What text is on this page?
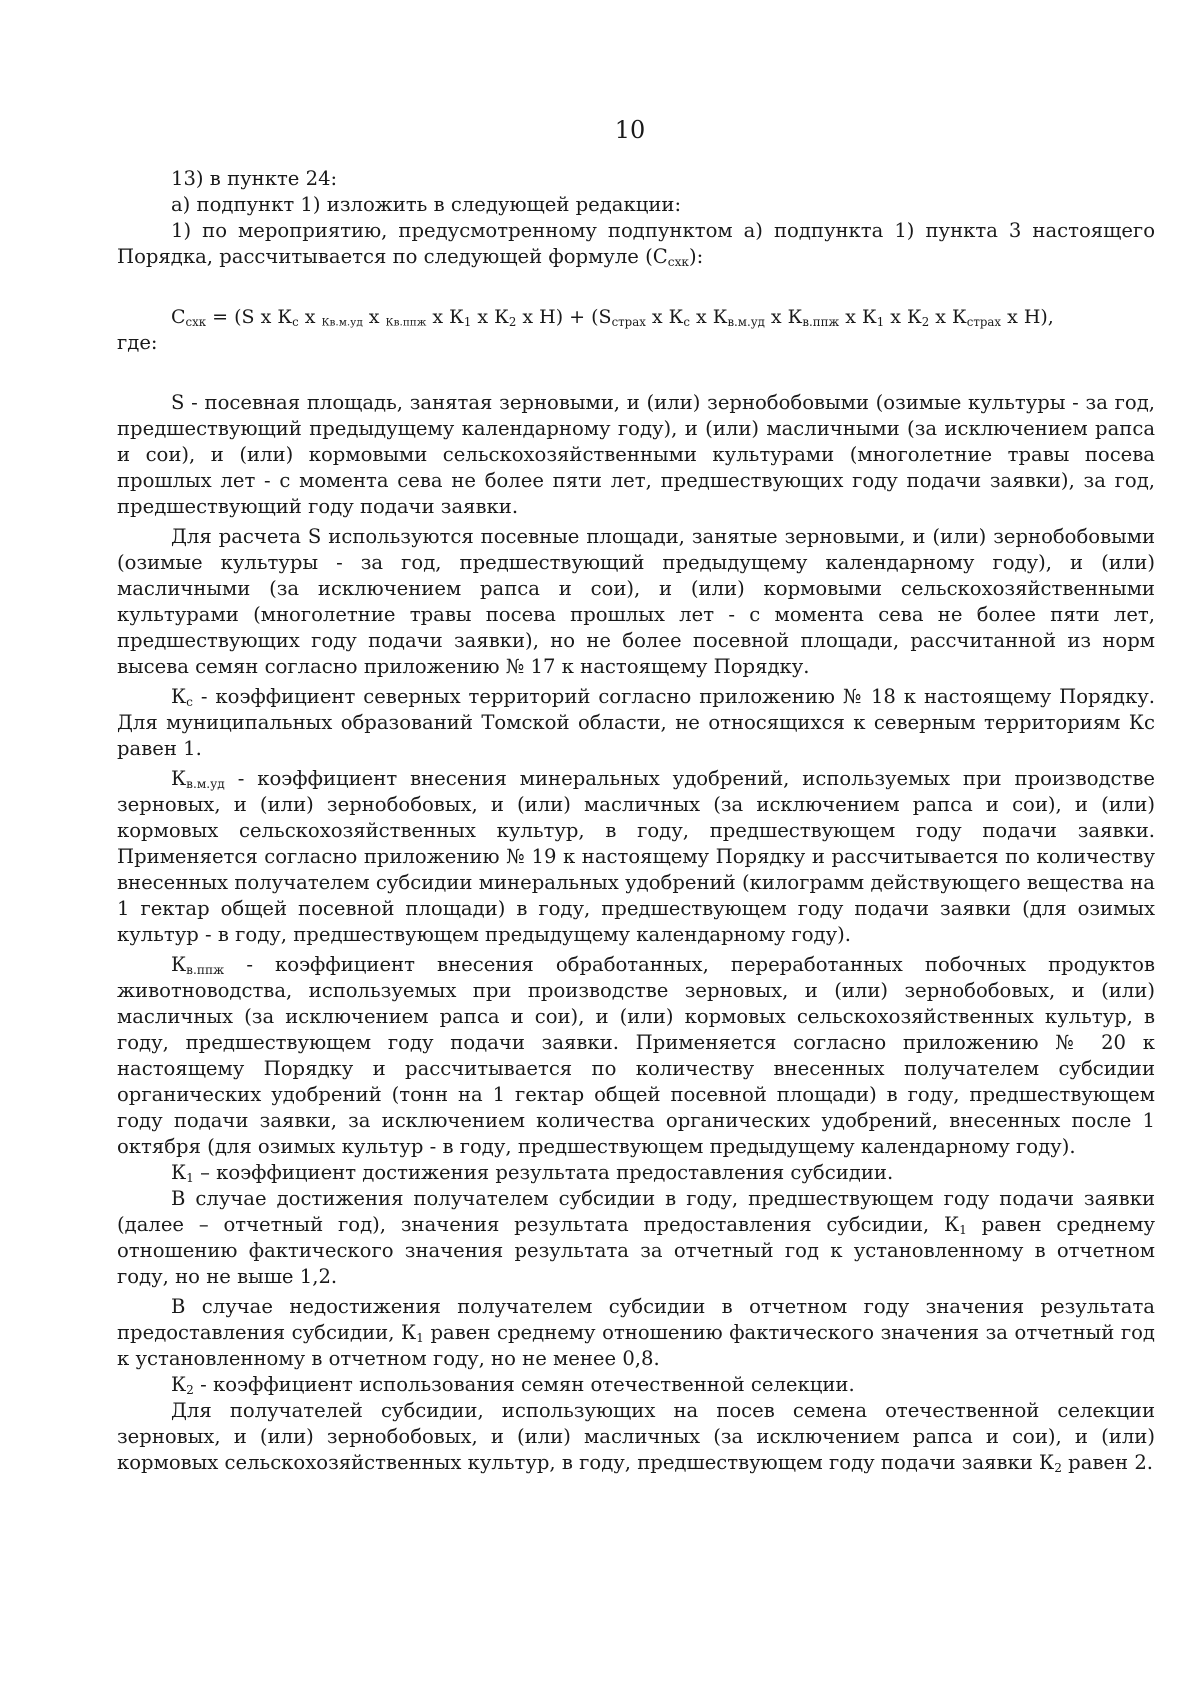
10

13) в пункте 24:

а) подпункт 1) изложить в следующей редакции:

1) по мероприятию, предусмотренному подпунктом а) подпункта 1) пункта 3 настоящего Порядка, рассчитывается по следующей формуле $(С_{схк})$:

$С_{схк} = (S$ х $К_с$ х $_{Кв.м.уд}$ х $_{Кв.ппж}$ х $К_1$ х $К_2$ х $Н) + (S_{страх}$ х $К_с$ х $К_{в.м.уд}$ х $К_{в.ппж}$ х $К_1$ х $К_2$ х $К_{страх}$ х Н),

где:

S - посевная площадь, занятая зерновыми, и (или) зернобобовыми (озимые культуры - за год, предшествующий предыдущему календарному году), и (или) масличными (за исключением рапса и сои), и (или) кормовыми сельскохозяйственными культурами (многолетние травы посева прошлых лет - с момента сева не более пяти лет, предшествующих году подачи заявки), за год, предшествующий году подачи заявки.

Для расчета S используются посевные площади, занятые зерновыми, и (или) зернобобовыми (озимые культуры - за год, предшествующий предыдущему календарному году), и (или) масличными (за исключением рапса и сои), и (или) кормовыми сельскохозяйственными культурами (многолетние травы посева прошлых лет - с момента сева не более пяти лет, предшествующих году подачи заявки), но не более посевной площади, рассчитанной из норм высева семян согласно приложению № 17 к настоящему Порядку.

$К_с$ - коэффициент северных территорий согласно приложению № 18 к настоящему Порядку. Для муниципальных образований Томской области, не относящихся к северным территориям Кс равен 1.

$К_{в.м.уд}$ - коэффициент внесения минеральных удобрений, используемых при производстве зерновых, и (или) зернобобовых, и (или) масличных (за исключением рапса и сои), и (или) кормовых сельскохозяйственных культур, в году, предшествующем году подачи заявки. Применяется согласно приложению № 19 к настоящему Порядку и рассчитывается по количеству внесенных получателем субсидии минеральных удобрений (килограмм действующего вещества на 1 гектар общей посевной площади) в году, предшествующем году подачи заявки (для озимых культур - в году, предшествующем предыдущему календарному году).

$К_{в.ппж}$ - коэффициент внесения обработанных, переработанных побочных продуктов животноводства, используемых при производстве зерновых, и (или) зернобобовых, и (или) масличных (за исключением рапса и сои), и (или) кормовых сельскохозяйственных культур, в году, предшествующем году подачи заявки. Применяется согласно приложению № 20 к настоящему Порядку и рассчитывается по количеству внесенных получателем субсидии органических удобрений (тонн на 1 гектар общей посевной площади) в году, предшествующем году подачи заявки, за исключением количества органических удобрений, внесенных после 1 октября (для озимых культур - в году, предшествующем предыдущему календарному году).

$К_1$ – коэффициент достижения результата предоставления субсидии.

В случае достижения получателем субсидии в году, предшествующем году подачи заявки (далее – отчетный год), значения результата предоставления субсидии, $К_1$ равен среднему отношению фактического значения результата за отчетный год к установленному в отчетном году, но не выше 1,2.

В случае недостижения получателем субсидии в отчетном году значения результата предоставления субсидии, $К_1$ равен среднему отношению фактического значения за отчетный год к установленному в отчетном году, но не менее 0,8.

$К_2$ - коэффициент использования семян отечественной селекции.

Для получателей субсидии, использующих на посев семена отечественной селекции зерновых, и (или) зернобобовых, и (или) масличных (за исключением рапса и сои), и (или) кормовых сельскохозяйственных культур, в году, предшествующем году подачи заявки $К_2$ равен 2.
